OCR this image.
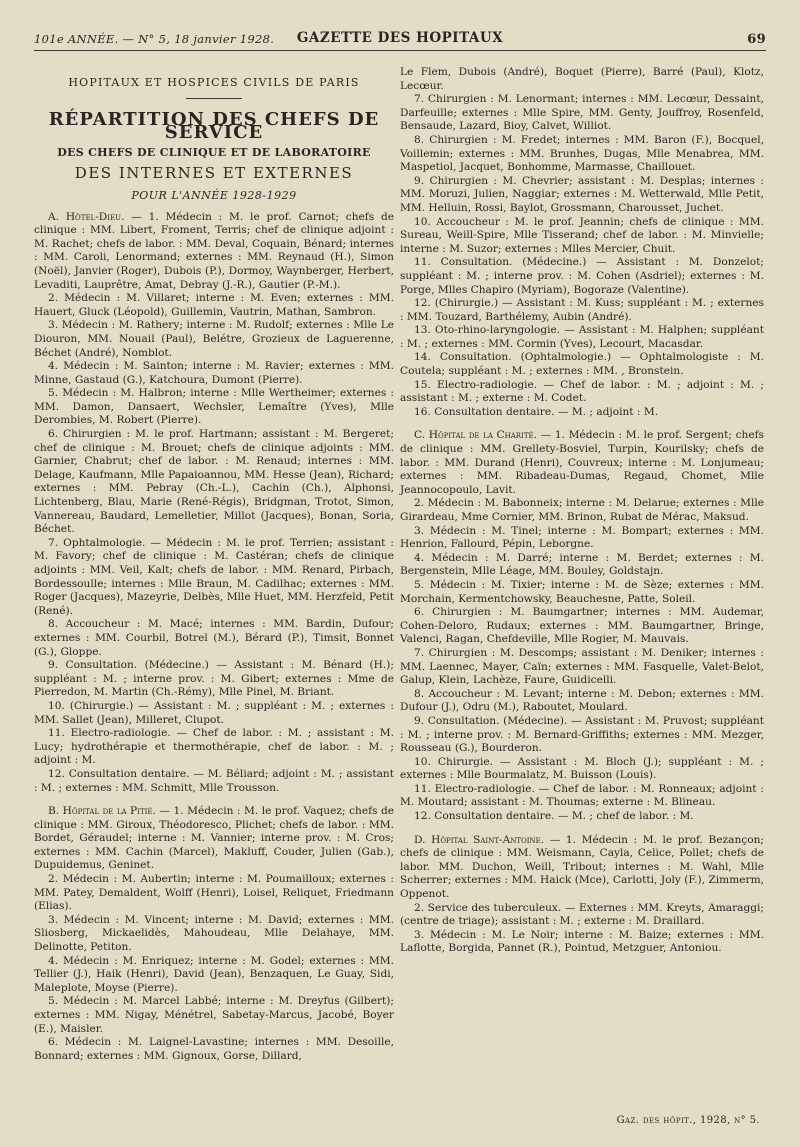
101e ANNÉE. — N° 5, 18 janvier 1928.	GAZETTE DES HOPITAUX	69
HOPITAUX ET HOSPICES CIVILS DE PARIS
RÉPARTITION DES CHEFS DE SERVICE
DES CHEFS DE CLINIQUE ET DE LABORATOIRE
DES INTERNES ET EXTERNES
POUR L'ANNÉE 1928-1929

A. Hôtel-Dieu. — 1. Médecin : M. le prof. Carnot; chefs de clinique : MM. Libert, Froment, Terris; chef de clinique adjoint : M. Rachet; chefs de labor. : MM. Deval, Coquain, Bénard; internes : MM. Caroli, Lenormand; externes : MM. Reynaud (H.), Simon (Noël), Janvier (Roger), Dubois (P.), Dormoy, Waynberger, Herbert, Levaditi, Lauprêtre, Amat, Debray (J.-R.), Gautier (P.-M.).

2. Médecin : M. Villaret; interne : M. Even; externes : MM. Hauert, Gluck (Léopold), Guillemin, Vautrin, Mathan, Sambron.

3. Médecin : M. Rathery; interne : M. Rudolf; externes : Mlle Le Diouron, MM. Nouail (Paul), Belétre, Grozieux de Laguerenne, Béchet (André), Nomblot.

4. Médecin : M. Sainton; interne : M. Ravier; externes : MM. Minne, Gastaud (G.), Katchoura, Dumont (Pierre).

5. Médecin : M. Halbron; interne : Mlle Wertheimer; externes : MM. Damon, Dansaert, Wechsler, Lemaître (Yves), Mlle Derombies, M. Robert (Pierre).

6. Chirurgien : M. le prof. Hartmann; assistant : M. Bergeret; chef de clinique : M. Brouet; chefs de clinique adjoints : MM. Garnier, Chabrut; chef de labor. : M. Renaud; internes : MM. Delage, Kaufmann, Mlle Papaioannou, MM. Hesse (Jean), Richard; externes : MM. Pebray (Ch.-L.), Cachin (Ch.), Alphonsi, Lichtenberg, Blau, Marie (René-Régis), Bridgman, Trotot, Simon, Vannereau, Baudard, Lemelletier, Millot (Jacques), Bonan, Soria, Béchet.

7. Ophtalmologie. — Médecin : M. le prof. Terrien; assistant : M. Favory; chef de clinique : M. Castéran; chefs de clinique adjoints : MM. Veil, Kalt; chefs de labor. : MM. Renard, Pirbach, Bordessoulle; internes : Mlle Braun, M. Cadilhac; externes : MM. Roger (Jacques), Mazeyrie, Delbès, Mlle Huet, MM. Herzfeld, Petit (René).

8. Accoucheur : M. Macé; internes : MM. Bardin, Dufour; externes : MM. Courbil, Botrel (M.), Bérard (P.), Timsit, Bonnet (G.), Gloppe.

9. Consultation. (Médecine.) — Assistant : M. Bénard (H.); suppléant : M. ; interne prov. : M. Gibert; externes : Mme de Pierredon, M. Martin (Ch.-Rémy), Mlle Pinel, M. Briant.

10. (Chirurgie.) — Assistant : M. ; suppléant : M. ; externes : MM. Sallet (Jean), Milleret, Clupot.

11. Electro-radiologie. — Chef de labor. : M. ; assistant : M. Lucy; hydrothérapie et thermothérapie, chef de labor. : M. ; adjoint : M.

12. Consultation dentaire. — M. Béliard; adjoint : M. ; assistant : M. ; externes : MM. Schmitt, Mlle Trousson.

B. Hôpital de la Pitié. — 1. Médecin : M. le prof. Vaquez; chefs de clinique : MM. Giroux, Théodoresco, Plichet; chefs de labor. : MM. Bordet, Géraudel; interne : M. Vannier; interne prov. : M. Cros; externes : MM. Cachin (Marcel), Makluff, Couder, Julien (Gab.), Dupuidemus, Geninet.

2. Médecin : M. Aubertin; interne : M. Poumailloux; externes : MM. Patey, Demaldent, Wolff (Henri), Loisel, Reliquet, Friedmann (Elias).

3. Médecin : M. Vincent; interne : M. David; externes : MM. Sliosberg, Mickaelidès, Mahoudeau, Mlle Delahaye, MM. Delinotte, Petiton.

4. Médecin : M. Enriquez; interne : M. Godel; externes : MM. Tellier (J.), Haik (Henri), David (Jean), Benzaquen, Le Guay, Sidi, Maleplote, Moyse (Pierre).

5. Médecin : M. Marcel Labbé; interne : M. Dreyfus (Gilbert); externes : MM. Nigay, Ménétrel, Sabetay-Marcus, Jacobé, Boyer (E.), Maisler.

6. Médecin : M. Laignel-Lavastine; internes : MM. Desoille, Bonnard; externes : MM. Gignoux, Gorse, Dillard,

Le Flem, Dubois (André), Boquet (Pierre), Barré (Paul), Klotz, Lecœur.

7. Chirurgien : M. Lenormant; internes : MM. Lecœur, Dessaint, Darfeuille; externes : Mlle Spire, MM. Genty, Jouffroy, Rosenfeld, Bensaude, Lazard, Bioy, Calvet, Williot.

8. Chirurgien : M. Fredet; internes : MM. Baron (F.), Bocquel, Voillemin; externes : MM. Brunhes, Dugas, Mlle Menabrea, MM. Maspetiol, Jacquet, Bonhomme, Marmasse, Chaillouet.

9. Chirurgien : M. Chevrier; assistant : M. Desplas; internes : MM. Moruzi, Julien, Naggiar; externes : M. Wetterwald, Mlle Petit, MM. Helluin, Rossi, Baylot, Grossmann, Charousset, Juchet.

10. Accoucheur : M. le prof. Jeannin; chefs de clinique : MM. Sureau, Weill-Spire, Mlle Tisserand; chef de labor. : M. Minvielle; interne : M. Suzor; externes : Mlles Mercier, Chuit.

11. Consultation. (Médecine.) — Assistant : M. Donzelot; suppléant : M. ; interne prov. : M. Cohen (Asdriel); externes : M. Porge, Mlles Chapiro (Myriam), Bogoraze (Valentine).

12. (Chirurgie.) — Assistant : M. Kuss; suppléant : M. ; externes : MM. Touzard, Barthélemy, Aubin (André).

13. Oto-rhino-laryngologie. — Assistant : M. Halphen; suppléant : M. ; externes : MM. Cormin (Yves), Lecourt, Macasdar.

14. Consultation. (Ophtalmologie.) — Ophtalmologiste : M. Coutela; suppléant : M. ; externes : MM. , Bronstein.

15. Electro-radiologie. — Chef de labor. : M. ; adjoint : M. ; assistant : M. ; externe : M. Codet.

16. Consultation dentaire. — M. ; adjoint : M.

C. Hôpital de la Charité. — 1. Médecin : M. le prof. Sergent; chefs de clinique : MM. Grellety-Bosviel, Turpin, Kourilsky; chefs de labor. : MM. Durand (Henri), Couvreux; interne : M. Lonjumeau; externes : MM. Ribadeau-Dumas, Regaud, Chomet, Mlle Jeannocopoulo, Lavit.

2. Médecin : M. Babonneix; interne : M. Delarue; externes : Mlle Girardeau, Mme Cornier, MM. Brinon, Rubat de Mérac, Maksud.

3. Médecin : M. Tinel; interne : M. Bompart; externes : MM. Henrion, Fallourd, Pépin, Leborgne.

4. Médecin : M. Darré; interne : M. Berdet; externes : M. Bergenstein, Mlle Léage, MM. Bouley, Goldstajn.

5. Médecin : M. Tixier; interne : M. de Sèze; externes : MM. Morchain, Kermentchowsky, Beauchesne, Patte, Soleil.

6. Chirurgien : M. Baumgartner; internes : MM. Audemar, Cohen-Deloro, Rudaux; externes : MM. Baumgartner, Bringe, Valenci, Ragan, Chefdeville, Mlle Rogier, M. Mauvais.

7. Chirurgien : M. Descomps; assistant : M. Deniker; internes : MM. Laennec, Mayer, Caïn; externes : MM. Fasquelle, Valet-Belot, Galup, Klein, Lachèze, Faure, Guidicelli.

8. Accoucheur : M. Levant; interne : M. Debon; externes : MM. Dufour (J.), Odru (M.), Raboutet, Moulard.

9. Consultation. (Médecine). — Assistant : M. Pruvost; suppléant : M. ; interne prov. : M. Bernard-Griffiths; externes : MM. Mezger, Rousseau (G.), Bourderon.

10. Chirurgie. — Assistant : M. Bloch (J.); suppléant : M. ; externes : Mlle Bourmalatz, M. Buisson (Louis).

11. Electro-radiologie. — Chef de labor. : M. Ronneaux; adjoint : M. Moutard; assistant : M. Thoumas; externe : M. Blineau.

12. Consultation dentaire. — M. ; chef de labor. : M.

D. Hôpital Saint-Antoine. — 1. Médecin : M. le prof. Bezançon; chefs de clinique : MM. Weismann, Cayla, Celice, Pollet; chefs de labor. MM. Duchon, Weill, Tribout; internes : M. Wahl, Mlle Scherrer; externes : MM. Haick (Mce), Carlotti, Joly (F.), Zimmerm, Oppenot.

2. Service des tuberculeux. — Externes : MM. Kreyts, Amaraggi; (centre de triage); assistant : M. ; externe : M. Draillard.

3. Médecin : M. Le Noir; interne : M. Baize; externes : MM. Laflotte, Borgida, Pannet (R.), Pointud, Metzguer, Antoniou.

Gaz. des hôpit., 1928, n° 5.
